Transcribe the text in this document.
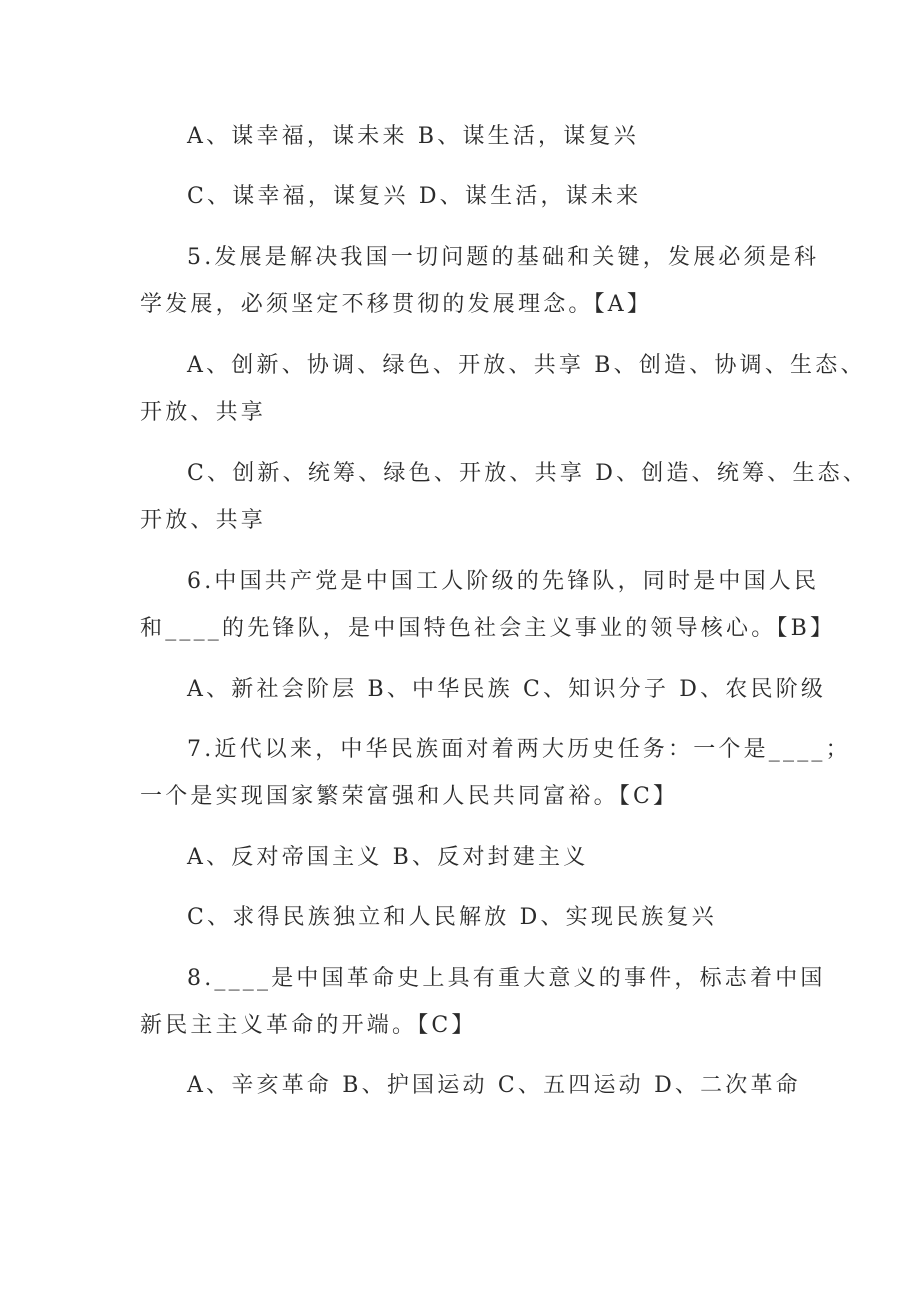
A、谋幸福，谋未来 B、谋生活，谋复兴
C、谋幸福，谋复兴 D、谋生活，谋未来
5.发展是解决我国一切问题的基础和关键，发展必须是科
学发展，必须坚定不移贯彻的发展理念。【A】
A、创新、协调、绿色、开放、共享 B、创造、协调、生态、
开放、共享
C、创新、统筹、绿色、开放、共享 D、创造、统筹、生态、
开放、共享
6.中国共产党是中国工人阶级的先锋队，同时是中国人民
和____的先锋队，是中国特色社会主义事业的领导核心。【B】
A、新社会阶层 B、中华民族 C、知识分子 D、农民阶级
7.近代以来，中华民族面对着两大历史任务：一个是____；
一个是实现国家繁荣富强和人民共同富裕。【C】
A、反对帝国主义 B、反对封建主义
C、求得民族独立和人民解放 D、实现民族复兴
8.____是中国革命史上具有重大意义的事件，标志着中国
新民主主义革命的开端。【C】
A、辛亥革命 B、护国运动 C、五四运动 D、二次革命
